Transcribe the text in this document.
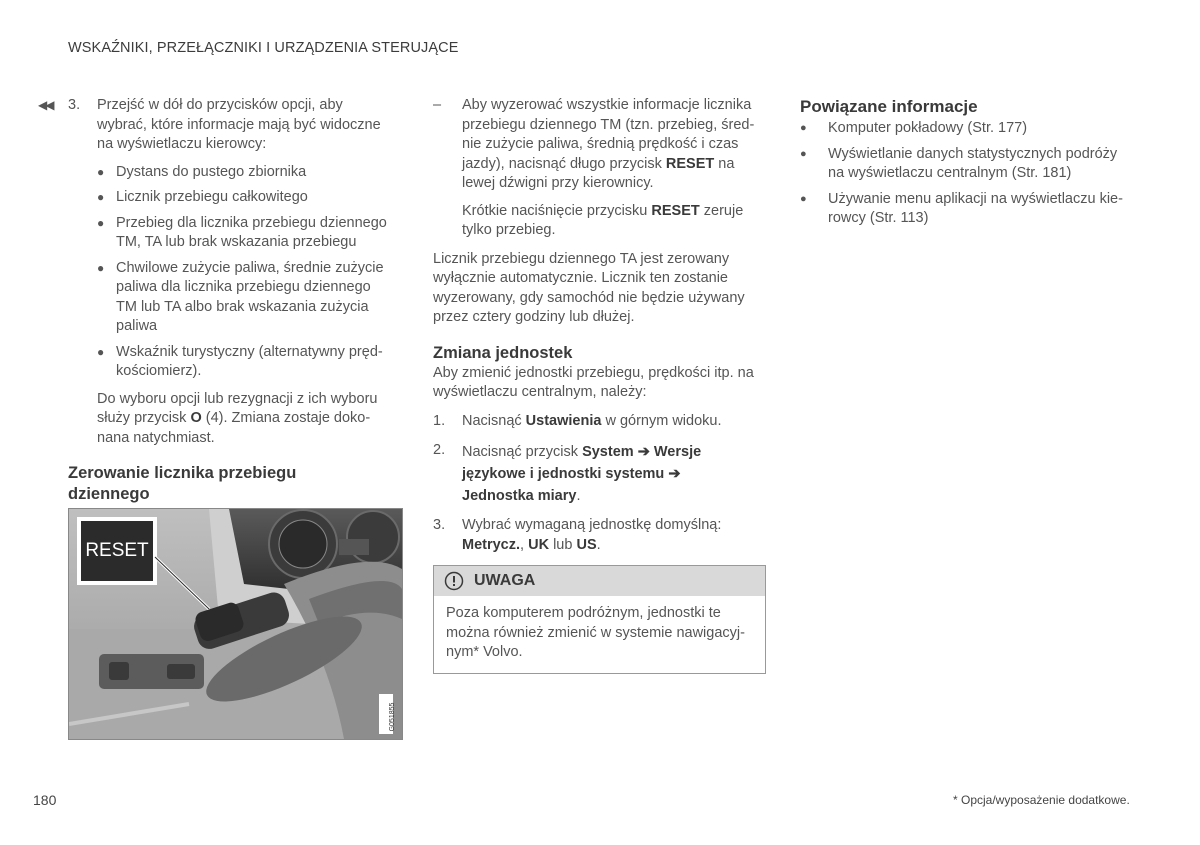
WSKAŹNIKI, PRZEŁĄCZNIKI I URZĄDZENIA STERUJĄCE
◀◀	3.	Przejść w dół do przycisków opcji, aby
wybrać, które informacje mają być widoczne
na wyświetlaczu kierowcy:
● Dystans do pustego zbiornika
● Licznik przebiegu całkowitego
● Przebieg dla licznika przebiegu dziennego
TM, TA lub brak wskazania przebiegu
● Chwilowe zużycie paliwa, średnie zużycie
paliwa dla licznika przebiegu dziennego
TM lub TA albo brak wskazania zużycia
paliwa
● Wskaźnik turystyczny (alternatywny pręd-
kościomierz).
Do wyboru opcji lub rezygnacji z ich wyboru
służy przycisk O (4). Zmiana zostaje doko-
nana natychmiast.
Zerowanie licznika przebiegu
dziennego
RESET
G051855
–	Aby wyzerować wszystkie informacje licznika
przebiegu dziennego TM (tzn. przebieg, śred-
nie zużycie paliwa, średnią prędkość i czas
jazdy), nacisnąć długo przycisk RESET na
lewej dźwigni przy kierownicy.
Krótkie naciśnięcie przycisku RESET zeruje
tylko przebieg.
Licznik przebiegu dziennego TA jest zerowany
wyłącznie automatycznie. Licznik ten zostanie
wyzerowany, gdy samochód nie będzie używany
przez cztery godziny lub dłużej.
Zmiana jednostek
Aby zmienić jednostki przebiegu, prędkości itp. na
wyświetlaczu centralnym, należy:
1.	Nacisnąć Ustawienia w górnym widoku.
2.	Nacisnąć przycisk System ➔ Wersje
językowe i jednostki systemu ➔
Jednostka miary.
3.	Wybrać wymaganą jednostkę domyślną:
Metrycz., UK lub US.
UWAGA
Poza komputerem podróżnym, jednostki te
można również zmienić w systemie nawigacyj-
nym* Volvo.
Powiązane informacje
●	Komputer pokładowy (Str. 177)
●	Wyświetlanie danych statystycznych podróży
na wyświetlaczu centralnym (Str. 181)
●	Używanie menu aplikacji na wyświetlaczu kie-
rowcy (Str. 113)
180	* Opcja/wyposażenie dodatkowe.
